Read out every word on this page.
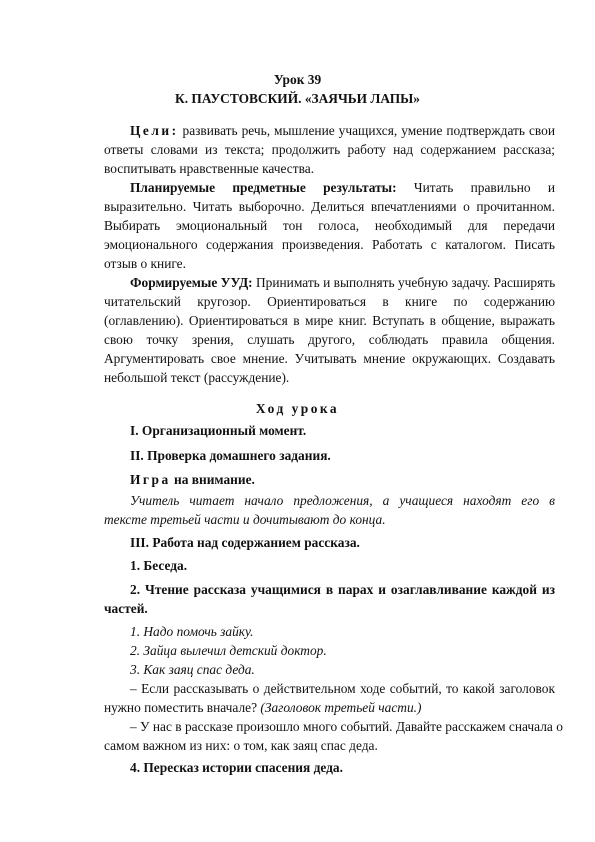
Урок 39
К. ПАУСТОВСКИЙ. «ЗАЯЧЬИ ЛАПЫ»
Цели: развивать речь, мышление учащихся, умение подтверждать свои
ответы словами из текста; продолжить работу над содержанием рассказа;
воспитывать нравственные качества.
Планируемые предметные результаты: Читать правильно и
выразительно. Читать выборочно. Делиться впечатлениями о прочитанном.
Выбирать эмоциональный тон голоса, необходимый для передачи
эмоционального содержания произведения. Работать с каталогом. Писать
отзыв о книге.
Формируемые УУД: Принимать и выполнять учебную задачу. Расширять
читательский кругозор. Ориентироваться в книге по содержанию
(оглавлению). Ориентироваться в мире книг. Вступать в общение, выражать
свою точку зрения, слушать другого, соблюдать правила общения.
Аргументировать свое мнение. Учитывать мнение окружающих. Создавать
небольшой текст (рассуждение).
Ход урока
I. Организационный момент.
II. Проверка домашнего задания.
Игра на внимание.
Учитель читает начало предложения, а учащиеся находят его в
тексте третьей части и дочитывают до конца.
III. Работа над содержанием рассказа.
1. Беседа.
2. Чтение рассказа учащимися в парах и озаглавливание каждой из
частей.
1. Надо помочь зайку.
2. Зайца вылечил детский доктор.
3. Как заяц спас деда.
– Если рассказывать о действительном ходе событий, то какой заголовок
нужно поместить вначале? (Заголовок третьей части.)
– У нас в рассказе произошло много событий. Давайте расскажем сначала о
самом важном из них: о том, как заяц спас деда.
4. Пересказ истории спасения деда.
